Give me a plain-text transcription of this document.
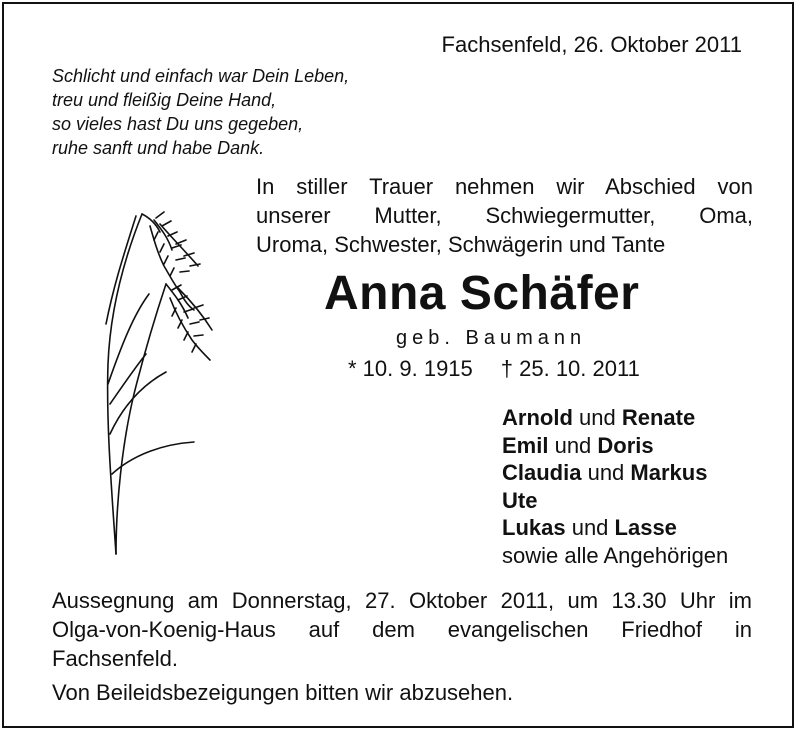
Fachsenfeld, 26. Oktober 2011
Schlicht und einfach war Dein Leben,
treu und fleißig Deine Hand,
so vieles hast Du uns gegeben,
ruhe sanft und habe Dank.
In stiller Trauer nehmen wir Abschied von
unserer Mutter, Schwiegermutter, Oma,
Uroma, Schwester, Schwägerin und Tante
Anna Schäfer
geb. Baumann
* 10. 9. 1915 † 25. 10. 2011
Arnold und Renate
Emil und Doris
Claudia und Markus
Ute
Lukas und Lasse
sowie alle Angehörigen
Aussegnung am Donnerstag, 27. Oktober 2011, um 13.30 Uhr im
Olga-von-Koenig-Haus auf dem evangelischen Friedhof in
Fachsenfeld.
Von Beileidsbezeigungen bitten wir abzusehen.
